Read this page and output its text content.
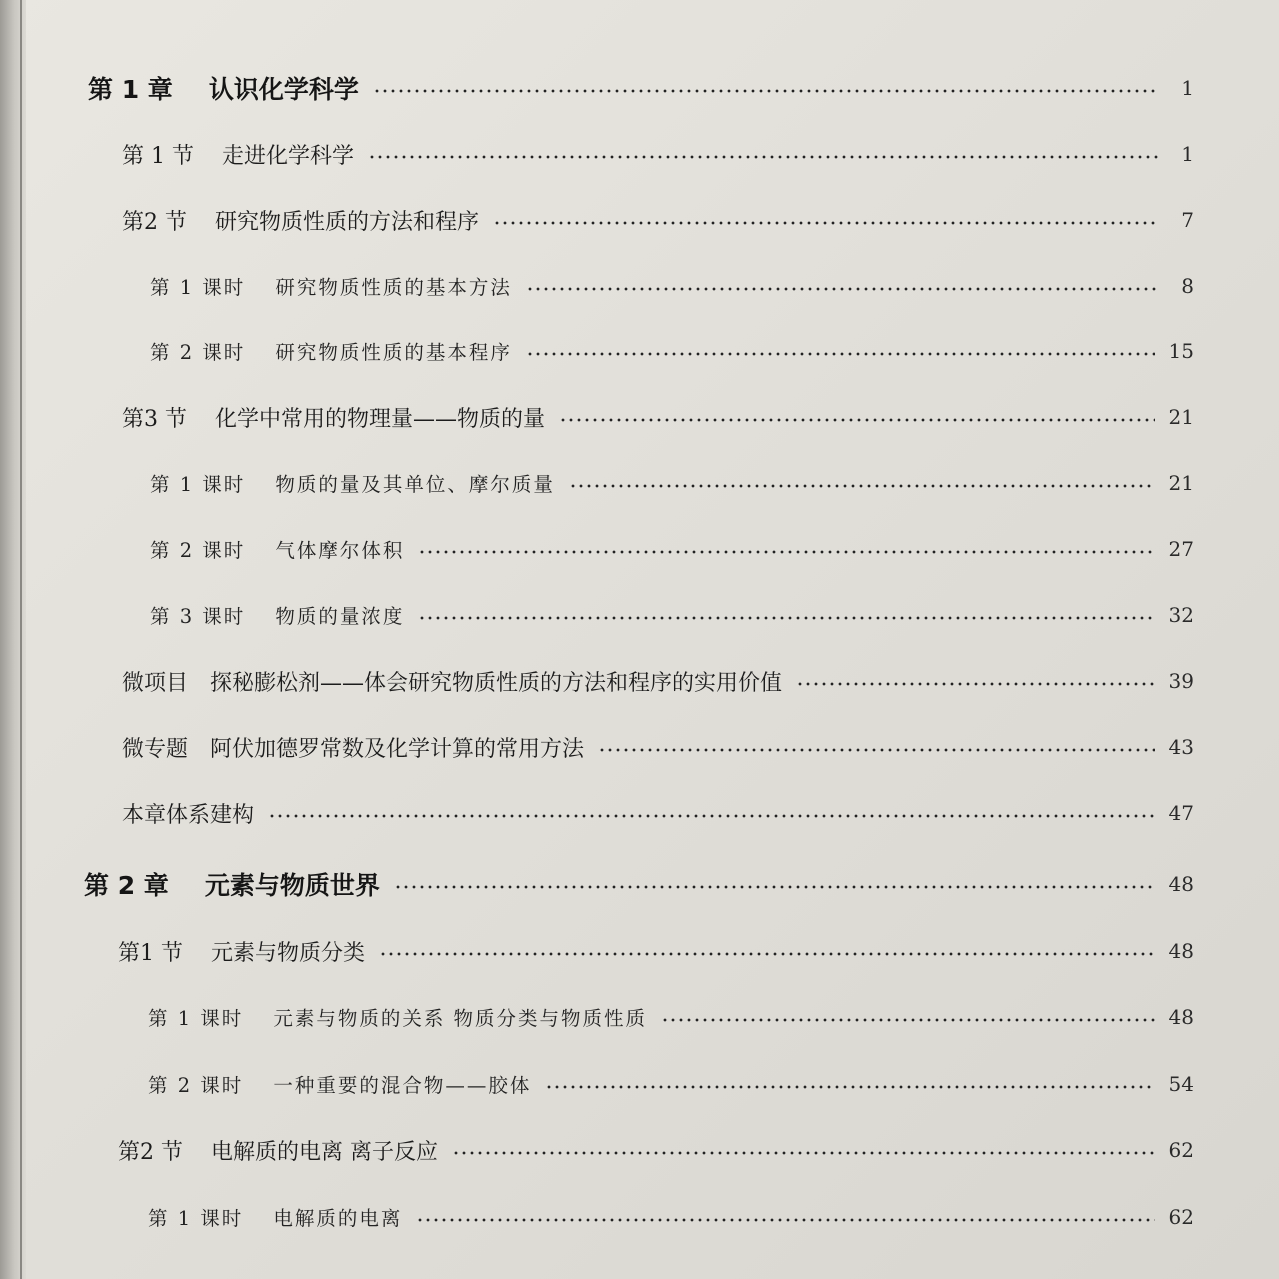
第 1 章 认识化学科学	1
第 1 节 走进化学科学	1
第2 节 研究物质性质的方法和程序	7
第 1 课时 研究物质性质的基本方法	8
第 2 课时 研究物质性质的基本程序	15
第3 节 化学中常用的物理量——物质的量	21
第 1 课时 物质的量及其单位、摩尔质量	21
第 2 课时 气体摩尔体积	27
第 3 课时 物质的量浓度	32
微项目 探秘膨松剂——体会研究物质性质的方法和程序的实用价值	39
微专题 阿伏加德罗常数及化学计算的常用方法	43
本章体系建构	47
第 2 章 元素与物质世界	48
第1 节 元素与物质分类	48
第 1 课时 元素与物质的关系 物质分类与物质性质	48
第 2 课时 一种重要的混合物——胶体	54
第2 节 电解质的电离 离子反应	62
第 1 课时 电解质的电离	62
